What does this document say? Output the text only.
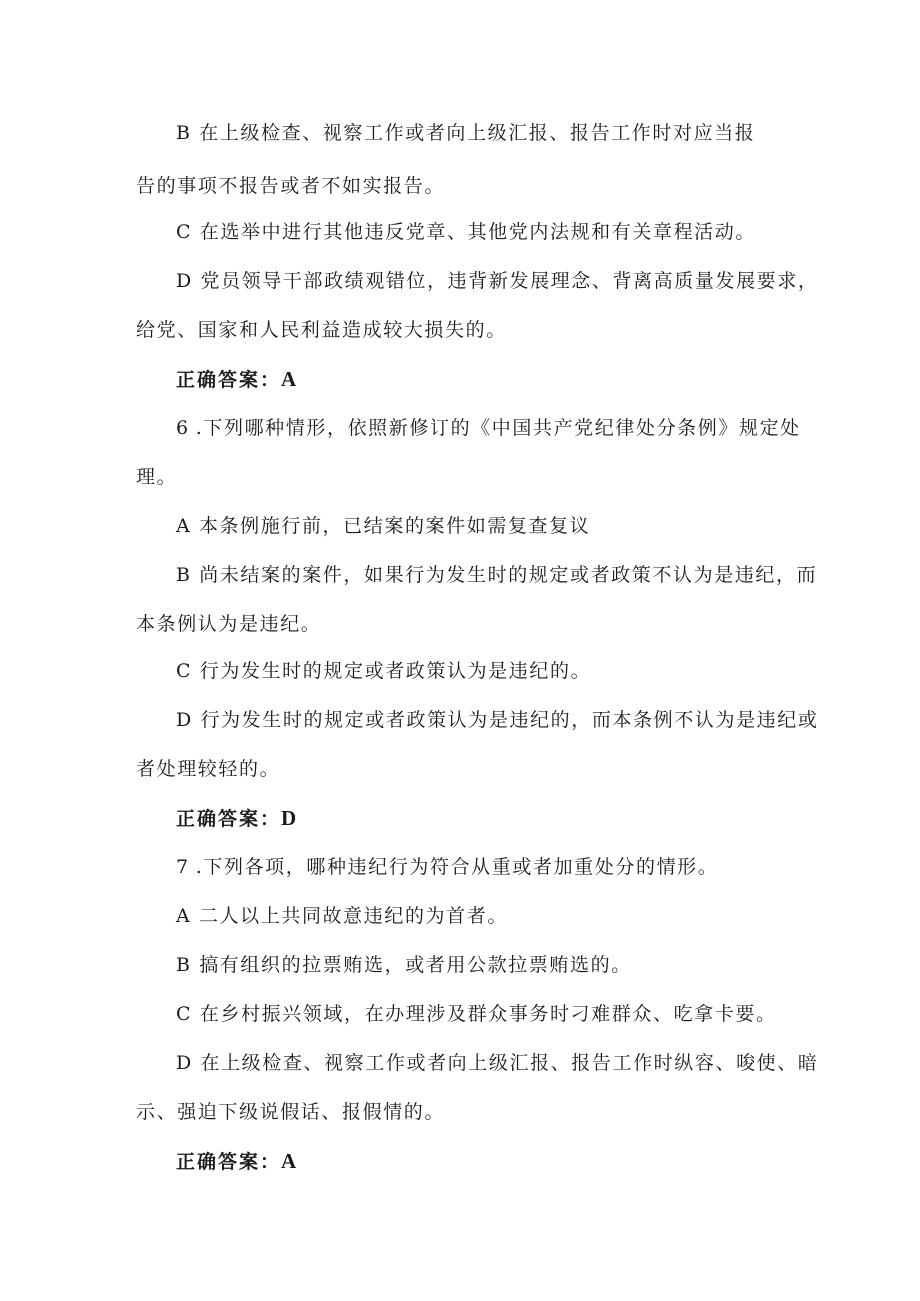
B 在上级检查、视察工作或者向上级汇报、报告工作时对应当报
告的事项不报告或者不如实报告。
C 在选举中进行其他违反党章、其他党内法规和有关章程活动。
D 党员领导干部政绩观错位，违背新发展理念、背离高质量发展要求，
给党、国家和人民利益造成较大损失的。
正确答案：A
6 .下列哪种情形，依照新修订的《中国共产党纪律处分条例》规定处
理。
A 本条例施行前，已结案的案件如需复查复议
B 尚未结案的案件，如果行为发生时的规定或者政策不认为是违纪，而
本条例认为是违纪。
C 行为发生时的规定或者政策认为是违纪的。
D 行为发生时的规定或者政策认为是违纪的，而本条例不认为是违纪或
者处理较轻的。
正确答案：D
7 .下列各项，哪种违纪行为符合从重或者加重处分的情形。
A 二人以上共同故意违纪的为首者。
B 搞有组织的拉票贿选，或者用公款拉票贿选的。
C 在乡村振兴领域，在办理涉及群众事务时刁难群众、吃拿卡要。
D 在上级检查、视察工作或者向上级汇报、报告工作时纵容、唆使、暗
示、强迫下级说假话、报假情的。
正确答案：A
